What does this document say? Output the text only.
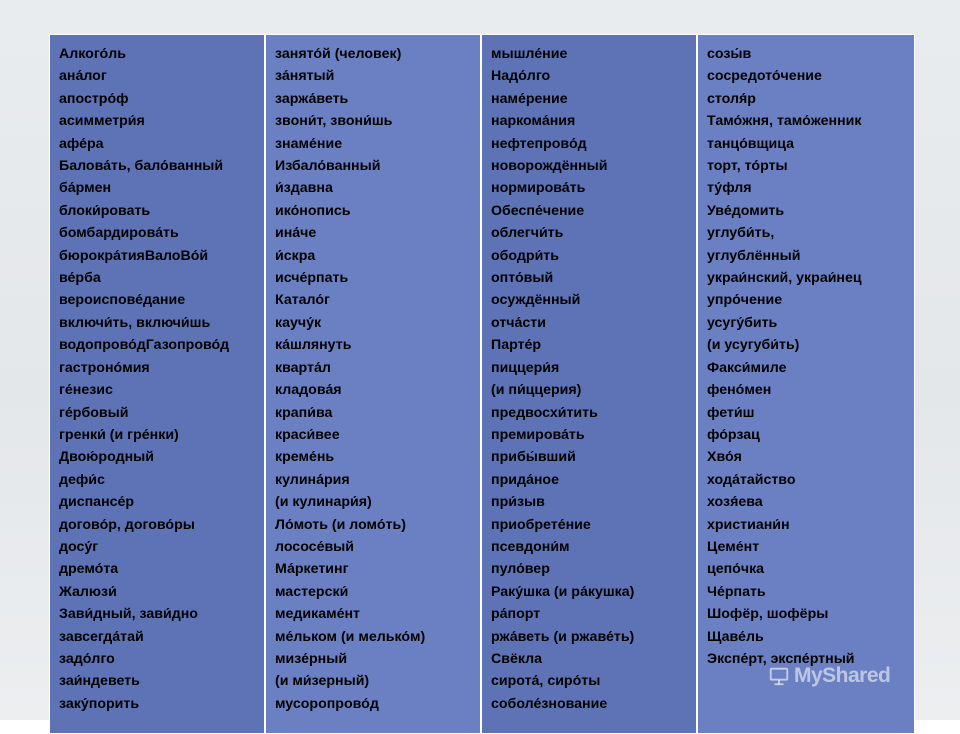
Алкого́ль
ана́лог
апостро́ф
асимметри́я
афе́ра
Балова́ть, бало́ванный
ба́рмен
блоки́ровать
бомбардирова́ть
бюрокра́тияВалоВо́й
ве́рба
вероиспове́дание
включи́ть, включи́шь
водопрово́дГазопрово́д
гастроно́мия
ге́незис
ге́рбовый
гренки́ (и гре́нки)
Двою́родный
дефи́с
диспансе́р
догово́р, догово́ры
досу́г
дремо́та
Жалюзи́
Зави́дный, зави́дно
завсегда́тай
задо́лго
заи́ндеветь
заку́порить
занято́й (человек)
за́нятый
заржа́веть
звони́т, звони́шь
знаме́ние
Избало́ванный
и́здавна
ико́нопись
ина́че
и́скра
исче́рпать
Катало́г
каучу́к
ка́шлянуть
кварта́л
кладова́я
крапи́ва
краси́вее
креме́нь
кулина́рия
(и кулинари́я)
Ло́моть (и ломо́ть)
лососе́вый
Ма́ркетинг
мастерски́
медикаме́нт
ме́льком (и мелько́м)
мизе́рный
(и ми́зерный)
мусоропрово́д
мышле́ние
Надо́лго
наме́рение
наркома́ния
нефтепрово́д
новорождённый
нормирова́ть
Обеспе́чение
облегчи́ть
ободри́ть
опто́вый
осуждённый
отча́сти
Парте́р
пиццери́я
(и пи́ццерия)
предвосхи́тить
премирова́ть
прибы́вший
прида́ное
при́зыв
приобрете́ние
псевдони́м
пуло́вер
Раку́шка (и ра́кушка)
ра́порт
ржа́веть (и ржаве́ть)
Свёкла
сирота́, сиро́ты
соболе́знование
созы́в
сосредото́чение
столя́р
Тамо́жня, тамо́женник
танцо́вщица
торт, то́рты
ту́фля
Уве́домить
углуби́ть,
углублённый
украи́нский, украи́нец
упро́чение
усугу́бить
(и усугуби́ть)
Факси́миле
фено́мен
фети́ш
фо́рзац
Хво́я
хода́тайство
хозя́ева
христиани́н
Цеме́нт
цепо́чка
Че́рпать
Шофёр, шофёры
Щаве́ль
Экспе́рт, экспе́ртный
MyShared
